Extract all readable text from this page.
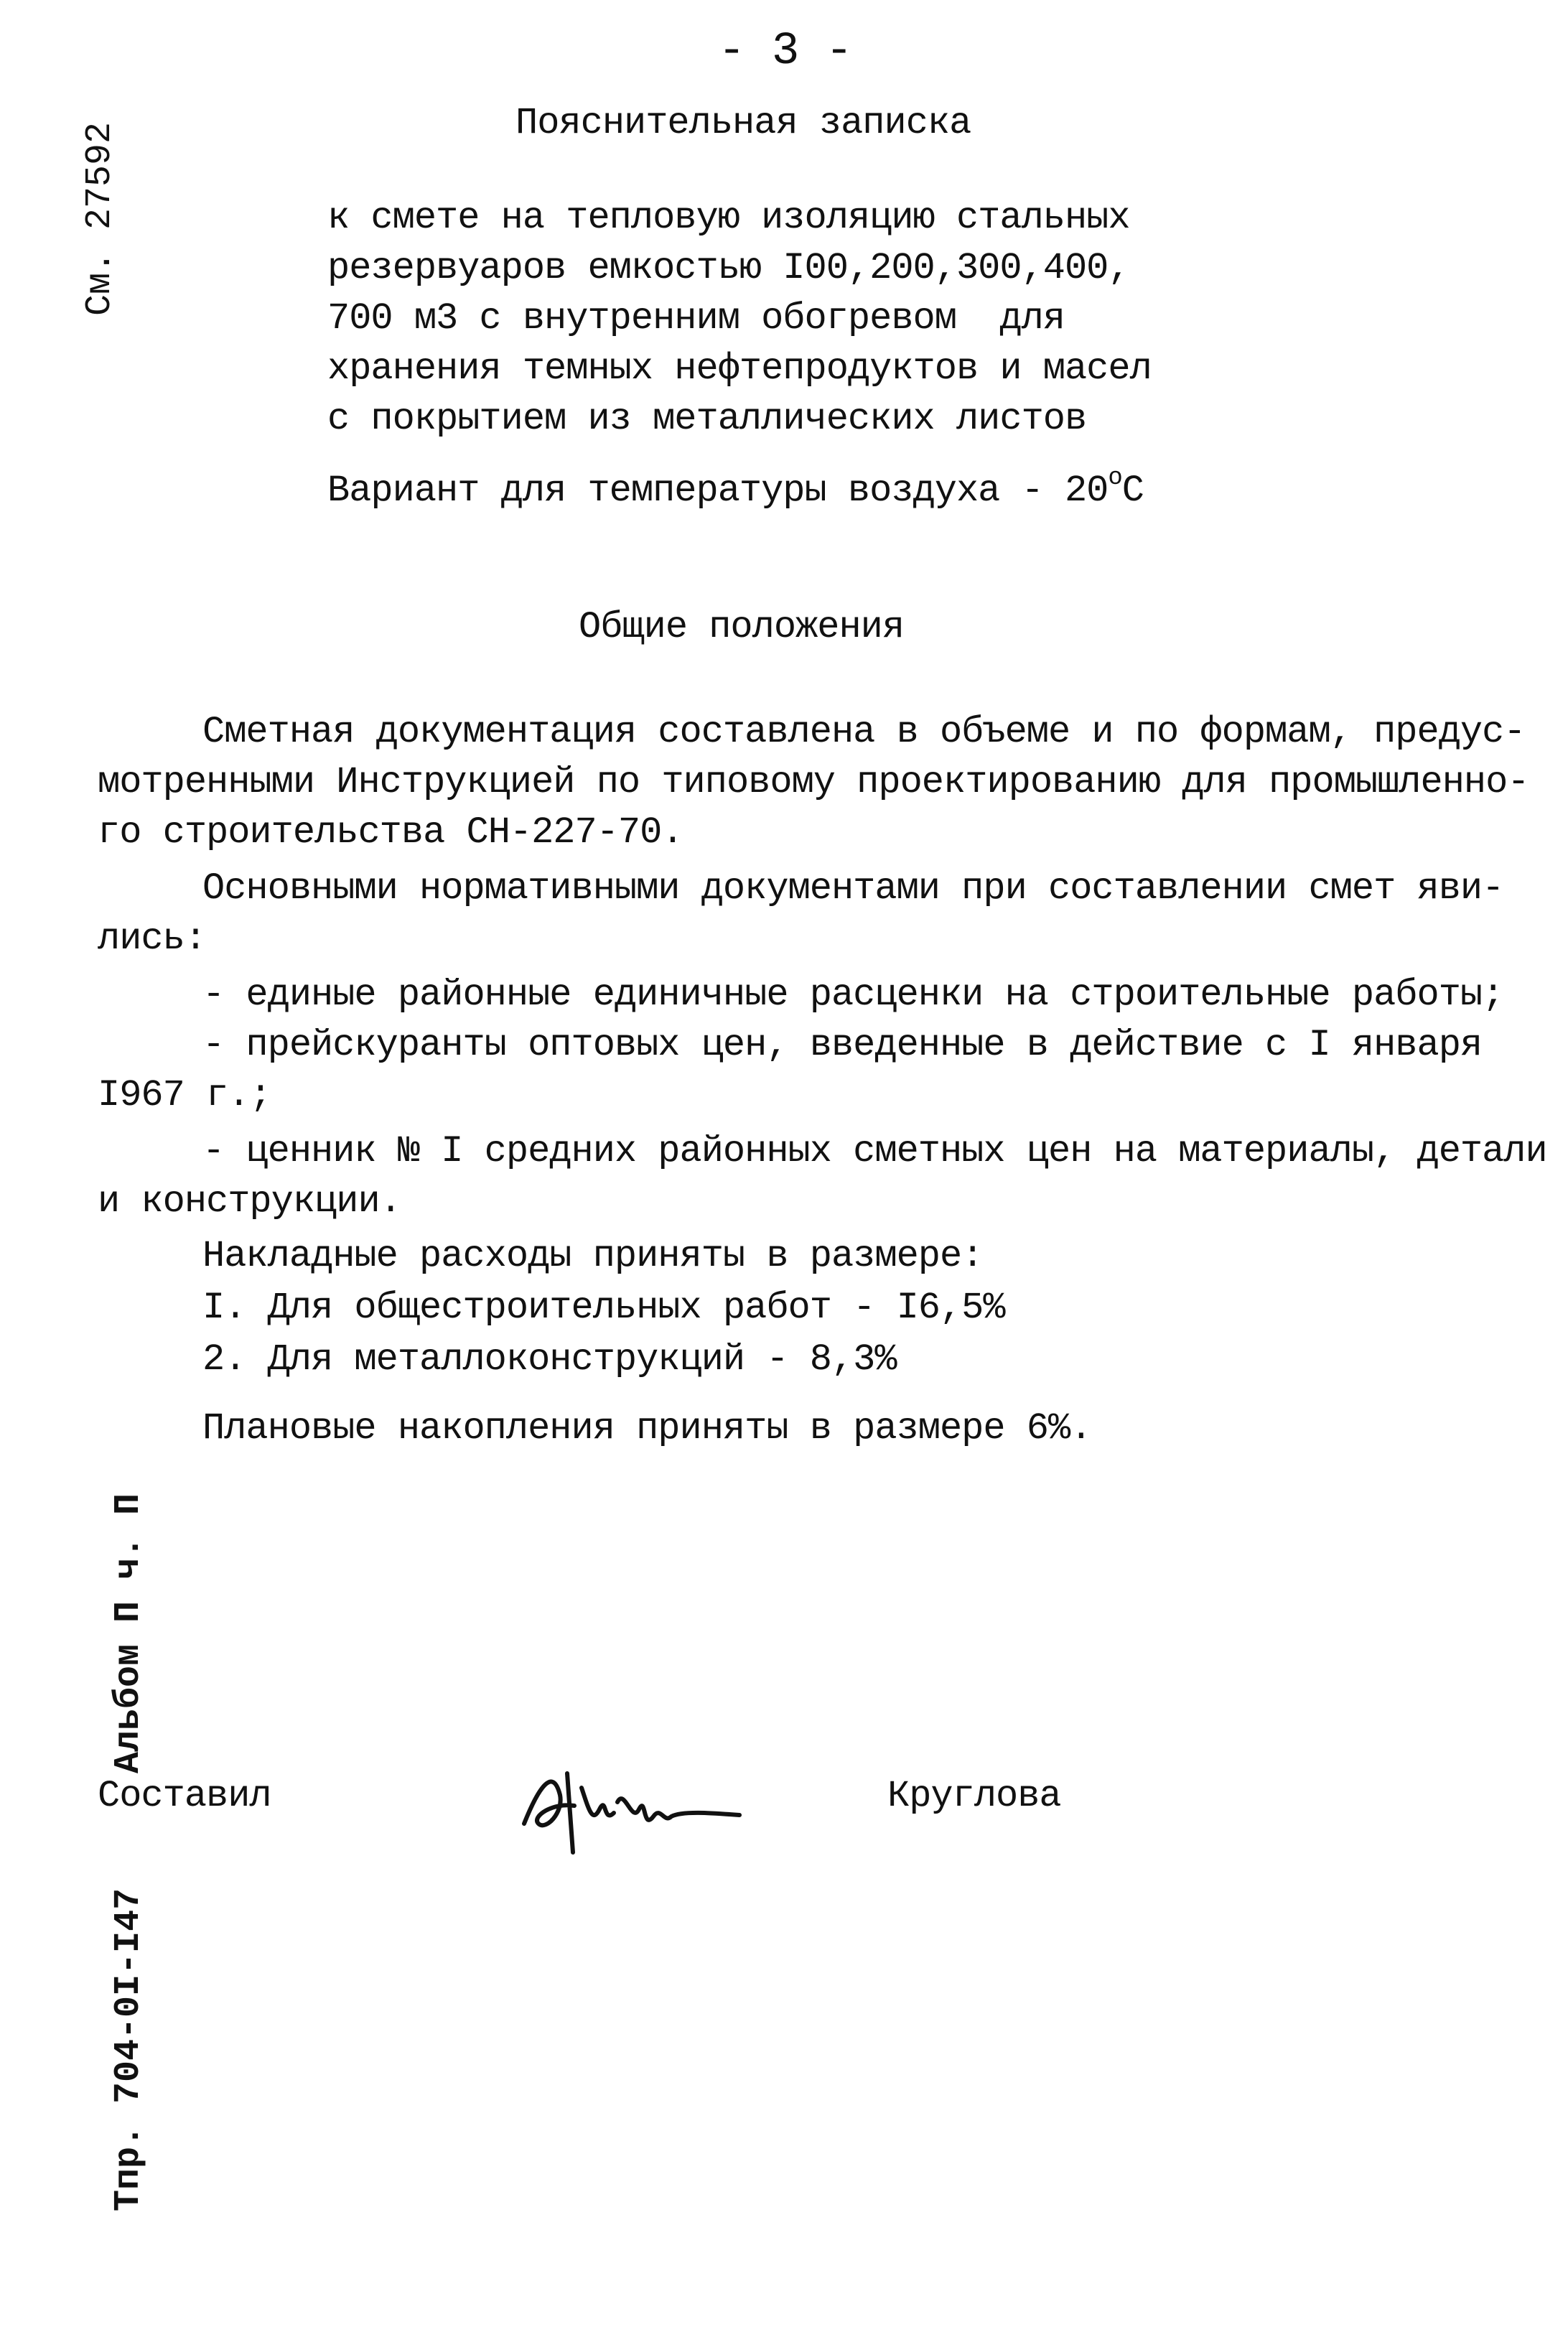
- 3 -
Пояснительная записка
к смете на тепловую изоляцию стальных
резервуаров емкостью I00,200,300,400,
700 м3 с внутренним обогревом  для
хранения темных нефтепродуктов и масел
с покрытием из металлических листов
Вариант для температуры воздуха - 20$^o$С
Общие положения
Сметная документация составлена в объеме и по формам, предус-
мотренными Инструкцией по типовому проектированию для промышленно-
го строительства СН-227-70.
Основными нормативными документами при составлении смет яви-
лись:
- единые районные единичные расценки на строительные работы;
- прейскуранты оптовых цен, введенные в действие с I января
I967 г.;
- ценник № I средних районных сметных цен на материалы, детали
и конструкции.
Накладные расходы приняты в размере:
I. Для общестроительных работ - I6,5%
2. Для металлоконструкций - 8,3%
Плановые накопления приняты в размере 6%.
Составил	Круглова
См. 27592
Альбом П ч. П
Тпр. 704-0I-I47
